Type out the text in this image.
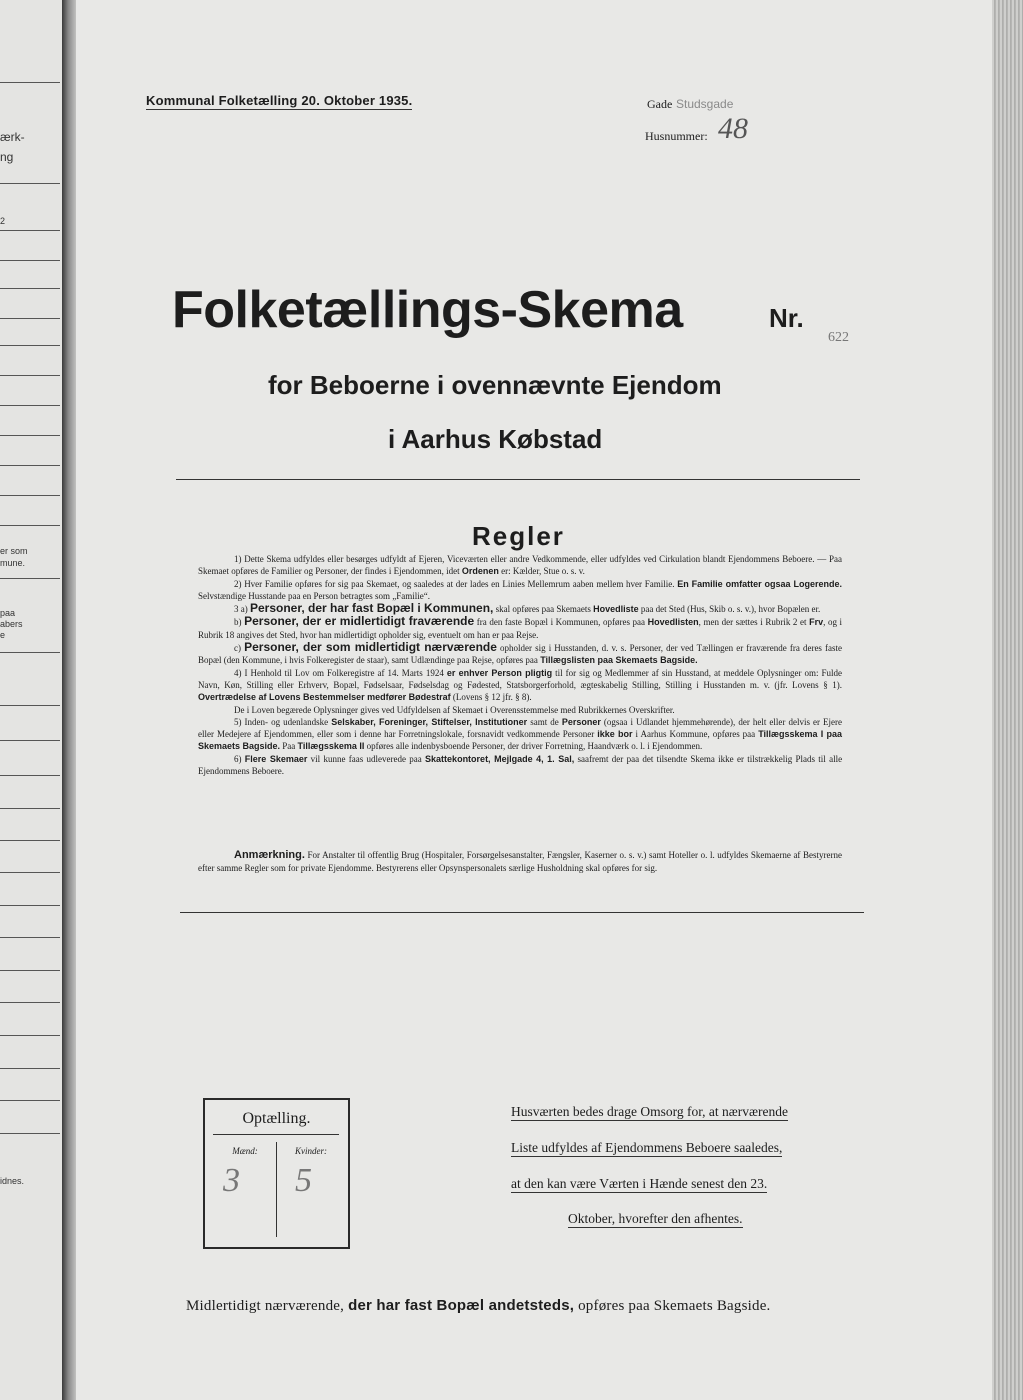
ærk-
ng
2
er som
mune.
paa
abers
e
idnes.
Kommunal Folketælling 20. Oktober 1935.	Gade Studsgade
Husnummer: 48
Folketællings-Skema	Nr.
622
for Beboerne i ovennævnte Ejendom
i Aarhus Købstad
Regler

1) Dette Skema udfyldes eller besørges udfyldt af Ejeren, Viceværten eller andre Vedkommende, eller udfyldes ved Cirkulation blandt Ejendommens Beboere. — Paa Skemaet opføres de Familier og Personer, der findes i Ejendommen, idet Ordenen er: Kælder, Stue o. s. v.

2) Hver Familie opføres for sig paa Skemaet, og saaledes at der lades en Linies Mellemrum aaben mellem hver Familie. En Familie omfatter ogsaa Logerende. Selvstændige Husstande paa en Person betragtes som „Familie“.

3 a) Personer, der har fast Bopæl i Kommunen, skal opføres paa Skemaets Hovedliste paa det Sted (Hus, Skib o. s. v.), hvor Bopælen er.

b) Personer, der er midlertidigt fraværende fra den faste Bopæl i Kommunen, opføres paa Hovedlisten, men der sættes i Rubrik 2 et Frv, og i Rubrik 18 angives det Sted, hvor han midlertidigt opholder sig, eventuelt om han er paa Rejse.

c) Personer, der som midlertidigt nærværende opholder sig i Husstanden, d. v. s. Personer, der ved Tællingen er fraværende fra deres faste Bopæl (den Kommune, i hvis Folkeregister de staar), samt Udlændinge paa Rejse, opføres paa Tillægslisten paa Skemaets Bagside.

4) I Henhold til Lov om Folkeregistre af 14. Marts 1924 er enhver Person pligtig til for sig og Medlemmer af sin Husstand, at meddele Oplysninger om: Fulde Navn, Køn, Stilling eller Erhverv, Bopæl, Fødselsaar, Fødselsdag og Fødested, Statsborgerforhold, ægteskabelig Stilling, Stilling i Husstanden m. v. (jfr. Lovens § 1). Overtrædelse af Lovens Bestemmelser medfører Bødestraf (Lovens § 12 jfr. § 8).

De i Loven begærede Oplysninger gives ved Udfyldelsen af Skemaet i Overensstemmelse med Rubrikkernes Overskrifter.

5) Inden- og udenlandske Selskaber, Foreninger, Stiftelser, Institutioner samt de Personer (ogsaa i Udlandet hjemmehørende), der helt eller delvis er Ejere eller Medejere af Ejendommen, eller som i denne har Forretningslokale, forsnavidt vedkommende Personer ikke bor i Aarhus Kommune, opføres paa Tillægsskema I paa Skemaets Bagside. Paa Tillægsskema II opføres alle indenbysboende Personer, der driver Forretning, Haandværk o. l. i Ejendommen.

6) Flere Skemaer vil kunne faas udleverede paa Skattekontoret, Mejlgade 4, 1. Sal, saafremt der paa det tilsendte Skema ikke er tilstrækkelig Plads til alle Ejendommens Beboere.

Anmærkning. For Anstalter til offentlig Brug (Hospitaler, Forsørgelsesanstalter, Fængsler, Kaserner o. s. v.) samt Hoteller o. l. udfyldes Skemaerne af Bestyrerne efter samme Regler som for private Ejendomme. Bestyrerens eller Opsynspersonalets særlige Husholdning skal opføres for sig.
Optælling.
Mænd:	Kvinder:
3 5
Husværten bedes drage Omsorg for, at nærværende
Liste udfyldes af Ejendommens Beboere saaledes,
at den kan være Værten i Hænde senest den 23.
Oktober, hvorefter den afhentes.
Midlertidigt nærværende, der har fast Bopæl andetsteds, opføres paa Skemaets Bagside.
